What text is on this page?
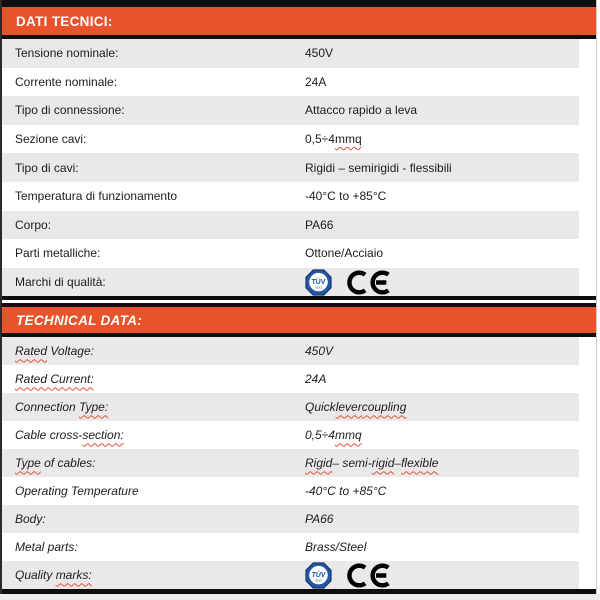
DATI TECNICI:
Tensione nominale:	450V
Corrente nominale:	24A
Tipo di connessione:	Attacco rapido a leva
Sezione cavi:	0,5÷4 mmq
Tipo di cavi:	Rigidi – semirigidi - flessibili
Temperatura di funzionamento	-40°C to +85°C
Corpo:	PA66
Parti metalliche:	Ottone/Acciaio
Marchi di qualità:	TÜV
SÜD
TECHNICAL DATA:
Rated Voltage:	450V
Rated Current:	24A
Connection Type:	Quick lever coupling
Cable cross-section:	0,5÷4 mmq
Type of cables:	Rigid – semi- rigid – flexible
Operating Temperature	-40°C to +85°C
Body:	PA66
Metal parts:	Brass/Steel
Quality marks:	TÜV
SÜD
